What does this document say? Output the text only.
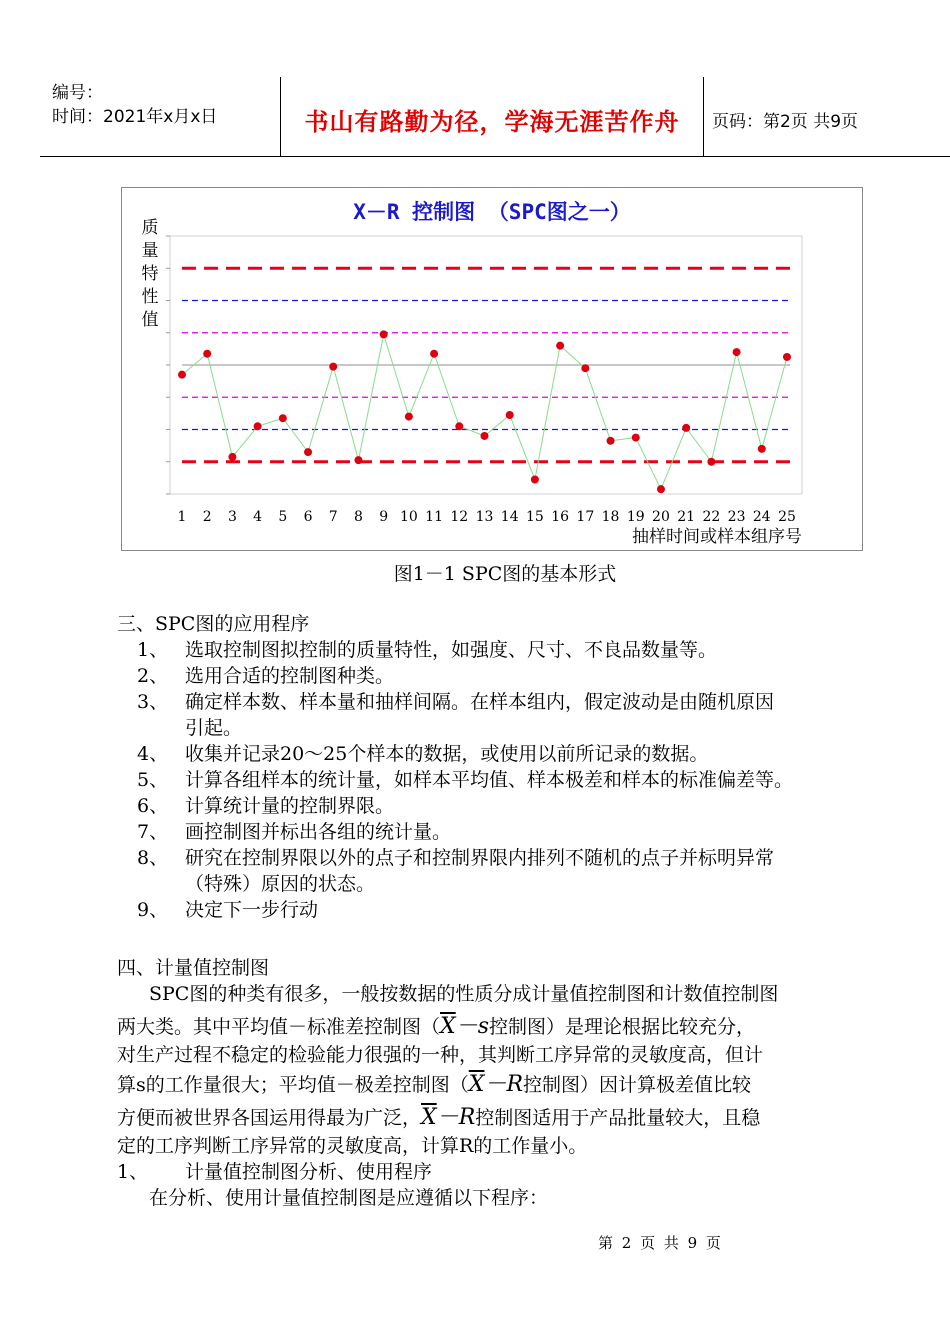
编号：
时间：2021年x月x日	书山有路勤为径，学海无涯苦作舟	页码：第2页 共9页
X－R 控制图 （SPC图之一）
质
量
特
性
值
1 2 3 4 5 6 7 8 9 10 11 12 13 14 15 16 17 18 19 20 21 22 23 24 25
抽样时间或样本组序号
图1－1 SPC图的基本形式
三、SPC图的应用程序
1、 选取控制图拟控制的质量特性，如强度、尺寸、不良品数量等。
2、 选用合适的控制图种类。
3、 确定样本数、样本量和抽样间隔。在样本组内，假定波动是由随机原因
引起。
4、 收集并记录20～25个样本的数据，或使用以前所记录的数据。
5、 计算各组样本的统计量，如样本平均值、样本极差和样本的标准偏差等。
6、 计算统计量的控制界限。
7、 画控制图并标出各组的统计量。
8、 研究在控制界限以外的点子和控制界限内排列不随机的点子并标明异常
（特殊）原因的状态。
9、 决定下一步行动
四、计量值控制图
SPC图的种类有很多，一般按数据的性质分成计量值控制图和计数值控制图
两大类。其中平均值－标准差控制图（$\overline{X}-s$控制图）是理论根据比较充分，
对生产过程不稳定的检验能力很强的一种，其判断工序异常的灵敏度高，但计
算s的工作量很大；平均值－极差控制图（$\overline{X}-R$控制图）因计算极差值比较
方便而被世界各国运用得最为广泛，$\overline{X}-R$控制图适用于产品批量较大，且稳
定的工序判断工序异常的灵敏度高，计算R的工作量小。
1、 计量值控制图分析、使用程序
在分析、使用计量值控制图是应遵循以下程序：
第 2 页 共 9 页
